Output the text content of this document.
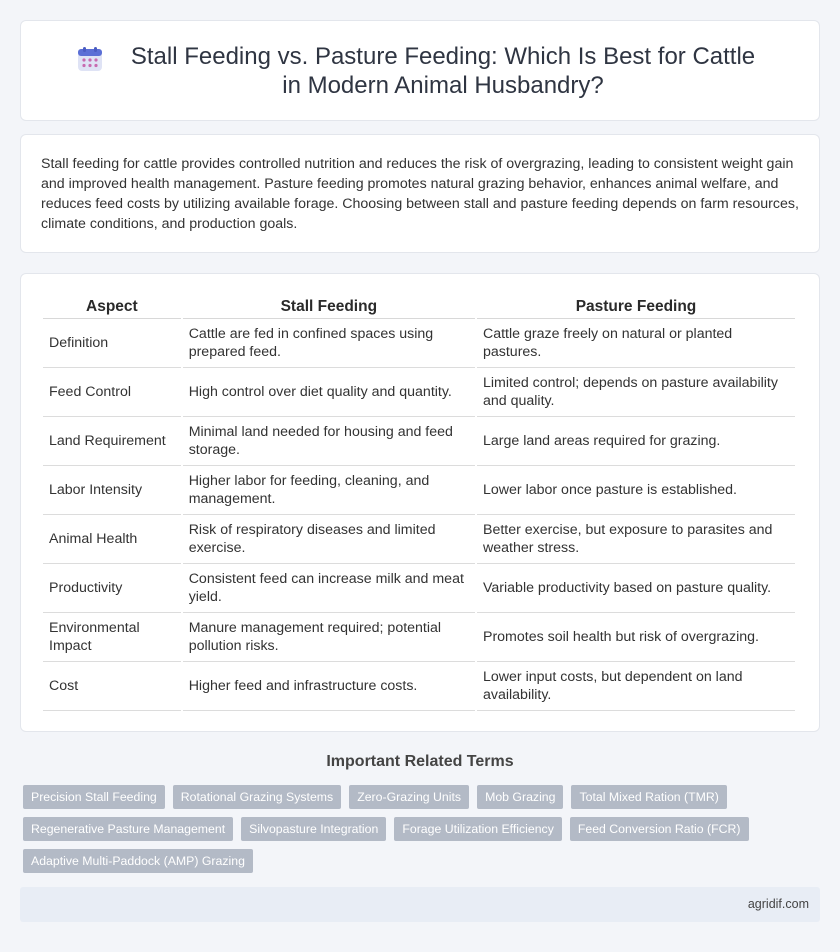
Stall Feeding vs. Pasture Feeding: Which Is Best for Cattle in Modern Animal Husbandry?

Stall feeding for cattle provides controlled nutrition and reduces the risk of overgrazing, leading to consistent weight gain and improved health management. Pasture feeding promotes natural grazing behavior, enhances animal welfare, and reduces feed costs by utilizing available forage. Choosing between stall and pasture feeding depends on farm resources, climate conditions, and production goals.

Aspect	Stall Feeding	Pasture Feeding
Definition	Cattle are fed in confined spaces using prepared feed.	Cattle graze freely on natural or planted pastures.
Feed Control	High control over diet quality and quantity.	Limited control; depends on pasture availability and quality.
Land Requirement	Minimal land needed for housing and feed storage.	Large land areas required for grazing.
Labor Intensity	Higher labor for feeding, cleaning, and management.	Lower labor once pasture is established.
Animal Health	Risk of respiratory diseases and limited exercise.	Better exercise, but exposure to parasites and weather stress.
Productivity	Consistent feed can increase milk and meat yield.	Variable productivity based on pasture quality.
Environmental Impact	Manure management required; potential pollution risks.	Promotes soil health but risk of overgrazing.
Cost	Higher feed and infrastructure costs.	Lower input costs, but dependent on land availability.
Important Related Terms
Precision Stall Feeding	Rotational Grazing Systems	Zero-Grazing Units	Mob Grazing	Total Mixed Ration (TMR)
Regenerative Pasture Management	Silvopasture Integration	Forage Utilization Efficiency	Feed Conversion Ratio (FCR)
Adaptive Multi-Paddock (AMP) Grazing
agridif.com
